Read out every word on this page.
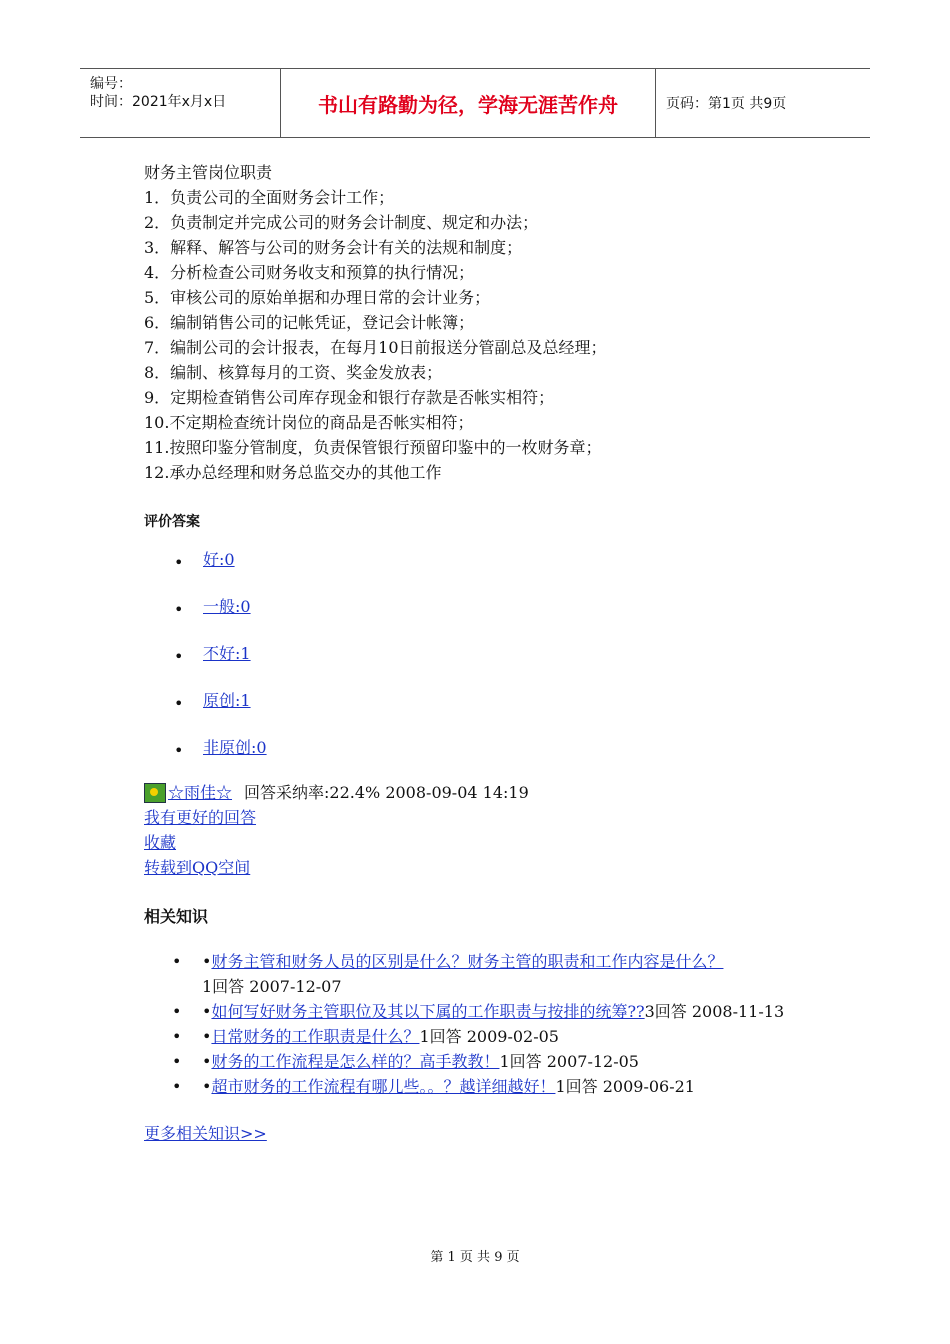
编号：
时间：2021年x月x日	书山有路勤为径，学海无涯苦作舟	页码：第1页 共9页
财务主管岗位职责
1．负责公司的全面财务会计工作；
2．负责制定并完成公司的财务会计制度、规定和办法；
3．解释、解答与公司的财务会计有关的法规和制度；
4．分析检查公司财务收支和预算的执行情况；
5．审核公司的原始单据和办理日常的会计业务；
6．编制销售公司的记帐凭证，登记会计帐簿；
7．编制公司的会计报表，在每月10日前报送分管副总及总经理；
8．编制、核算每月的工资、奖金发放表；
9．定期检查销售公司库存现金和银行存款是否帐实相符；
10.不定期检查统计岗位的商品是否帐实相符；
11.按照印鉴分管制度，负责保管银行预留印鉴中的一枚财务章；
12.承办总经理和财务总监交办的其他工作
评价答案
•	好:0
•	一般:0
•	不好:1
•	原创:1
•	非原创:0
☆雨佳☆ 回答采纳率:22.4% 2008-09-04 14:19
我有更好的回答
收藏
转载到QQ空间
相关知识
• •财务主管和财务人员的区别是什么？财务主管的职责和工作内容是什么？
1回答 2007-12-07
• •如何写好财务主管职位及其以下属的工作职责与按排的统筹??3回答 2008-11-13
• •日常财务的工作职责是什么？1回答 2009-02-05
• •财务的工作流程是怎么样的？高手教教！1回答 2007-12-05
• •超市财务的工作流程有哪儿些。。？越详细越好！1回答 2009-06-21
更多相关知识>>
第 1 页 共 9 页
